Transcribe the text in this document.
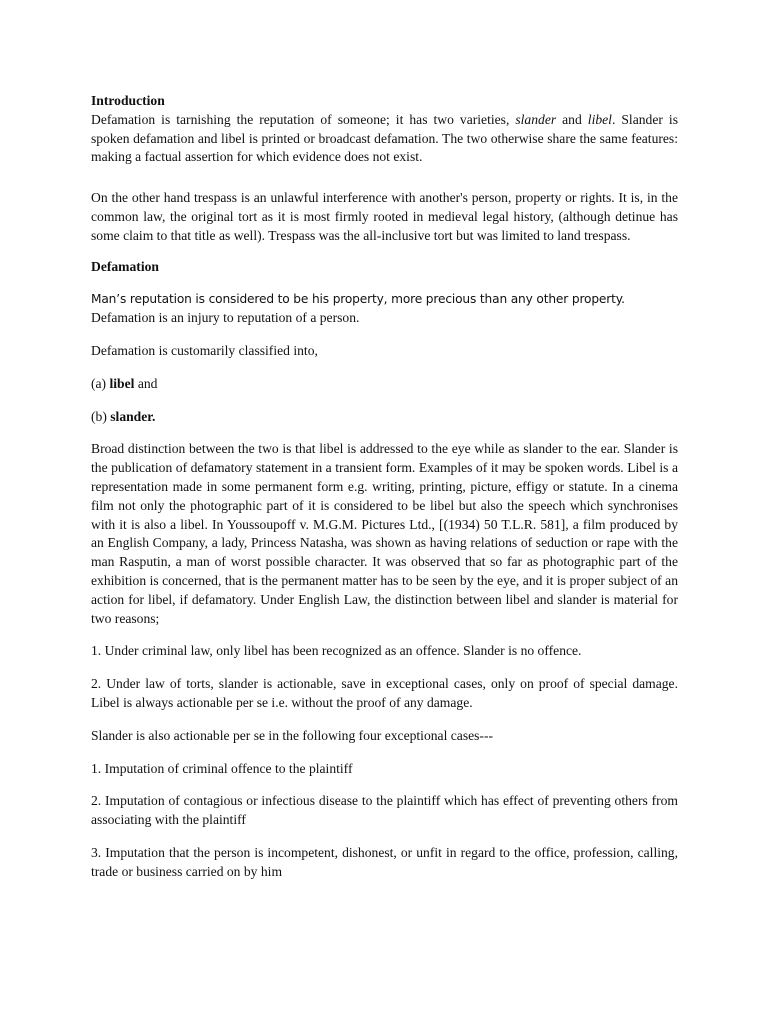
Introduction

Defamation is tarnishing the reputation of someone; it has two varieties, slander and libel. Slander is spoken defamation and libel is printed or broadcast defamation. The two otherwise share the same features: making a factual assertion for which evidence does not exist.

On the other hand trespass is an unlawful interference with another's person, property or rights. It is, in the common law, the original tort as it is most firmly rooted in medieval legal history, (although detinue has some claim to that title as well). Trespass was the all-inclusive tort but was limited to land trespass.

Defamation

Man’s reputation is considered to be his property, more precious than any other property.
Defamation is an injury to reputation of a person.

Defamation is customarily classified into,

(a) libel and

(b) slander.

Broad distinction between the two is that libel is addressed to the eye while as slander to the ear. Slander is the publication of defamatory statement in a transient form. Examples of it may be spoken words. Libel is a representation made in some permanent form e.g. writing, printing, picture, effigy or statute. In a cinema film not only the photographic part of it is considered to be libel but also the speech which synchronises with it is also a libel. In Youssoupoff v. M.G.M. Pictures Ltd., [(1934) 50 T.L.R. 581], a film produced by an English Company, a lady, Princess Natasha, was shown as having relations of seduction or rape with the man Rasputin, a man of worst possible character. It was observed that so far as photographic part of the exhibition is concerned, that is the permanent matter has to be seen by the eye, and it is proper subject of an action for libel, if defamatory. Under English Law, the distinction between libel and slander is material for two reasons;

1. Under criminal law, only libel has been recognized as an offence. Slander is no offence.

2. Under law of torts, slander is actionable, save in exceptional cases, only on proof of special damage. Libel is always actionable per se i.e. without the proof of any damage.

Slander is also actionable per se in the following four exceptional cases---

1. Imputation of criminal offence to the plaintiff

2. Imputation of contagious or infectious disease to the plaintiff which has effect of preventing others from associating with the plaintiff

3. Imputation that the person is incompetent, dishonest, or unfit in regard to the office, profession, calling, trade or business carried on by him
